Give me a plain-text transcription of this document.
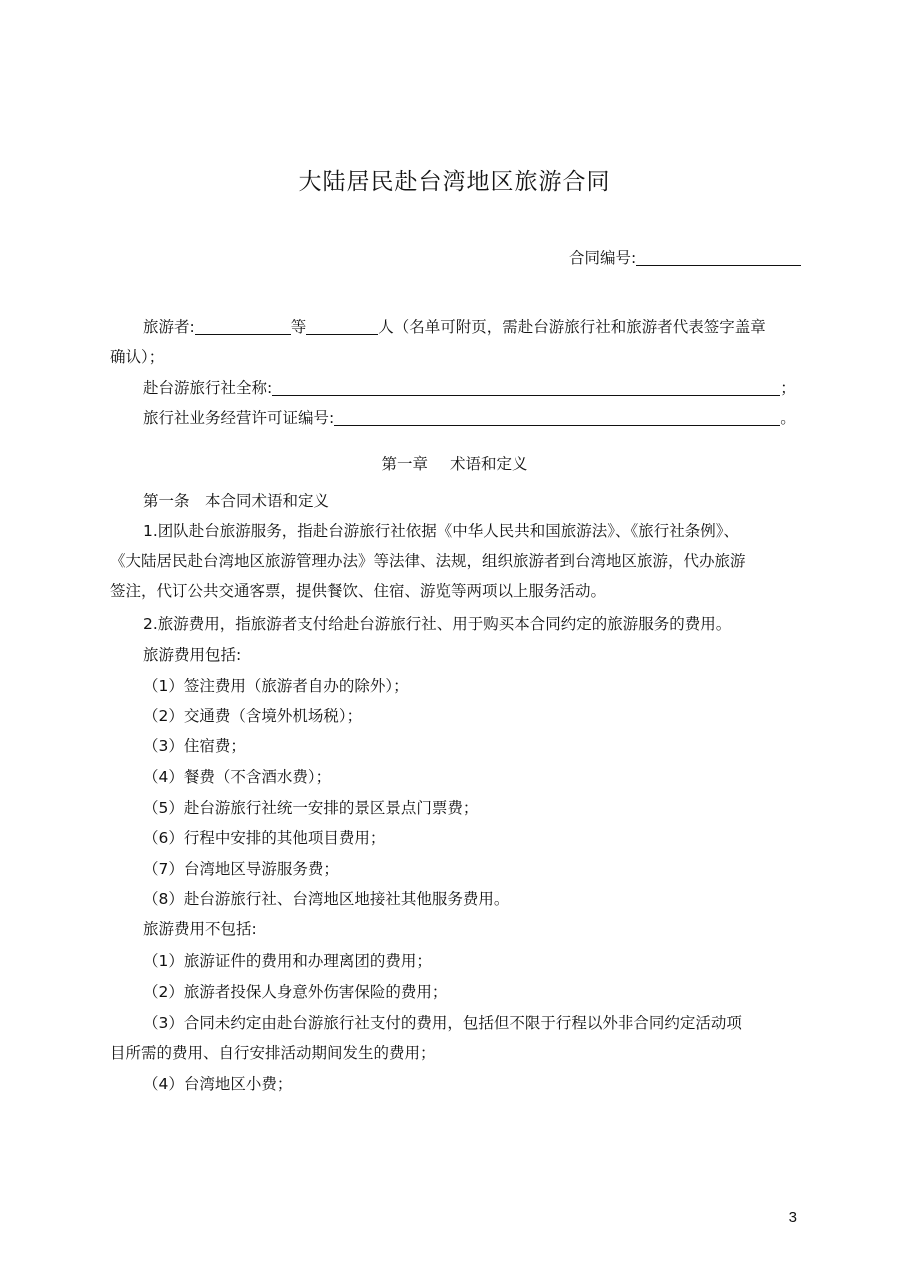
大陆居民赴台湾地区旅游合同
合同编号:
旅游者:	等	人（名单可附页，需赴台游旅行社和旅游者代表签字盖章
确认）；
赴台游旅行社全称:	；
旅行社业务经营许可证编号:	。
第一章 术语和定义
第一条　本合同术语和定义
1.团队赴台旅游服务，指赴台游旅行社依据《中华人民共和国旅游法》、《旅行社条例》、
《大陆居民赴台湾地区旅游管理办法》等法律、法规，组织旅游者到台湾地区旅游，代办旅游
签注，代订公共交通客票，提供餐饮、住宿、游览等两项以上服务活动。
2.旅游费用，指旅游者支付给赴台游旅行社、用于购买本合同约定的旅游服务的费用。
旅游费用包括:
（1）签注费用（旅游者自办的除外）；
（2）交通费（含境外机场税）；
（3）住宿费；
（4）餐费（不含酒水费）；
（5）赴台游旅行社统一安排的景区景点门票费；
（6）行程中安排的其他项目费用；
（7）台湾地区导游服务费；
（8）赴台游旅行社、台湾地区地接社其他服务费用。
旅游费用不包括:
（1）旅游证件的费用和办理离团的费用；
（2）旅游者投保人身意外伤害保险的费用；
（3）合同未约定由赴台游旅行社支付的费用，包括但不限于行程以外非合同约定活动项
目所需的费用、自行安排活动期间发生的费用；
（4）台湾地区小费；
3
